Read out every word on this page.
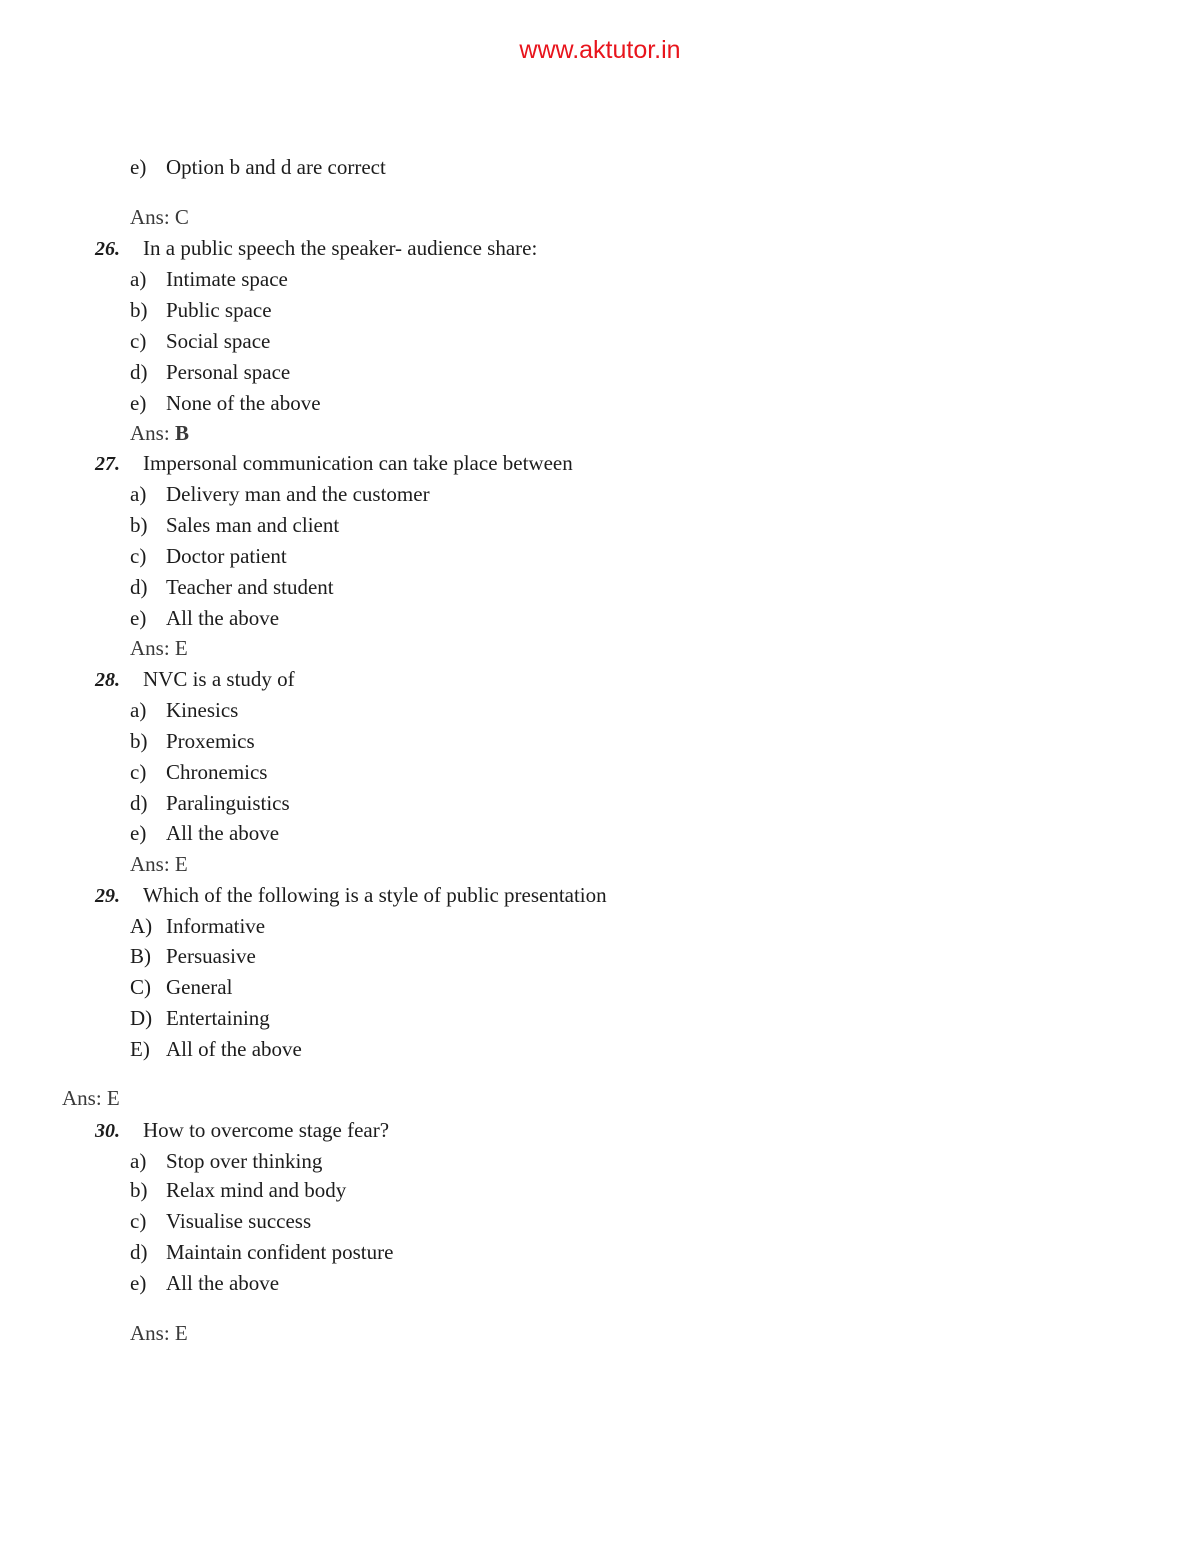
www.aktutor.in
e) Option b and d are correct
Ans: C
26. In a public speech the speaker- audience share:
a) Intimate space
b) Public space
c) Social space
d) Personal space
e) None of the above
Ans: B
27. Impersonal communication can take place between
a) Delivery man and the customer
b) Sales man and client
c) Doctor patient
d) Teacher and student
e) All the above
Ans: E
28. NVC is a study of
a) Kinesics
b) Proxemics
c) Chronemics
d) Paralinguistics
e) All the above
Ans: E
29. Which of the following is a style of public presentation
A) Informative
B) Persuasive
C) General
D) Entertaining
E) All of the above
Ans: E
30. How to overcome stage fear?
a) Stop over thinking
b) Relax mind and body
c) Visualise success
d) Maintain confident posture
e) All the above
Ans: E
